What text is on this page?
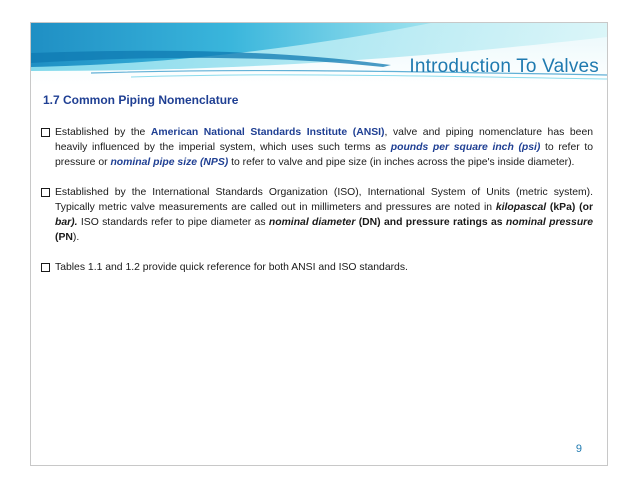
Introduction To Valves
1.7 Common Piping Nomenclature
Established by the American National Standards Institute (ANSI), valve and piping nomenclature has been heavily influenced by the imperial system, which uses such terms as pounds per square inch (psi) to refer to pressure or nominal pipe size (NPS) to refer to valve and pipe size (in inches across the pipe's inside diameter).
Established by the International Standards Organization (ISO), International System of Units (metric system). Typically metric valve measurements are called out in millimeters and pressures are noted in kilopascal (kPa) (or bar). ISO standards refer to pipe diameter as nominal diameter (DN) and pressure ratings as nominal pressure (PN).
Tables 1.1 and 1.2 provide quick reference for both ANSI and ISO standards.
9
